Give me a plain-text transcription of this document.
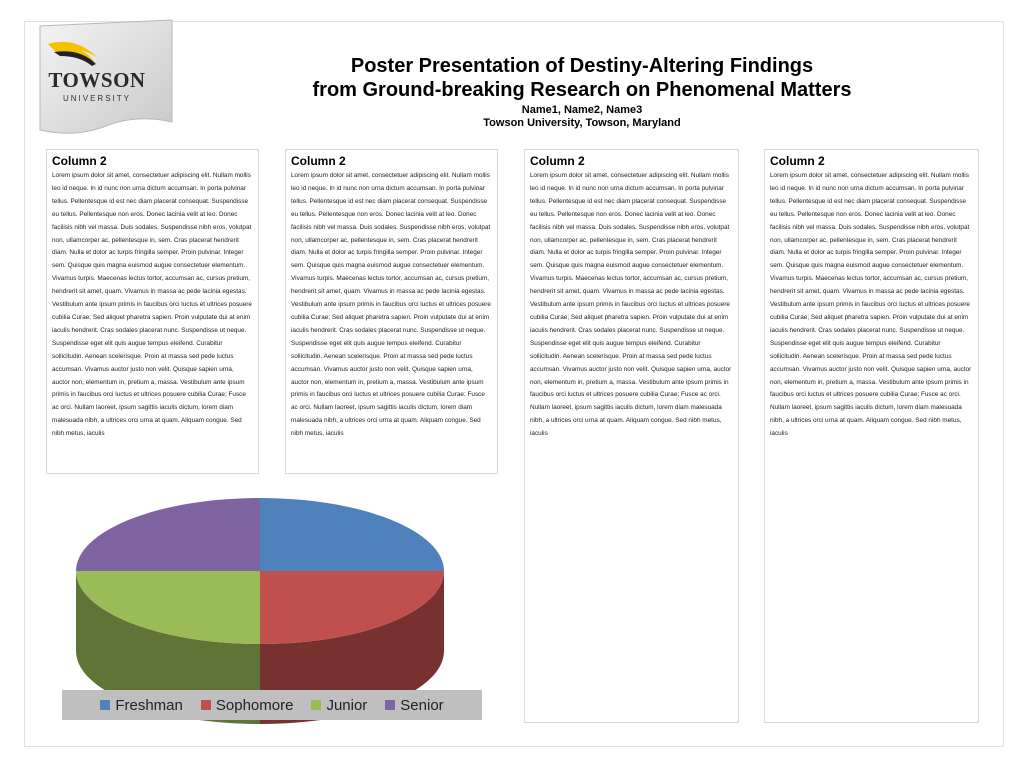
TOWSON
UNIVERSITY

Poster Presentation of Destiny-Altering Findings

from Ground-breaking Research on Phenomenal Matters

Name1, Name2, Name3
Towson University, Towson, Maryland
Column 2
Lorem ipsum dolor sit amet, consectetuer adipiscing elit. Nullam mollis leo id neque. In id nunc non urna dictum accumsan. In porta pulvinar tellus. Pellentesque id est nec diam placerat consequat. Suspendisse eu tellus. Pellentesque non eros. Donec lacinia velit at leo. Donec facilisis nibh vel massa. Duis sodales. Suspendisse nibh eros, volutpat non, ullamcorper ac, pellentesque in, sem. Cras placerat hendrerit diam. Nulla et dolor ac turpis fringilla semper. Proin pulvinar. Integer sem. Quisque quis magna euismod augue consectetuer elementum. Vivamus turpis. Maecenas lectus tortor, accumsan ac, cursus pretium, hendrerit sit amet, quam. Vivamus in massa ac pede lacinia egestas. Vestibulum ante ipsum primis in faucibus orci luctus et ultrices posuere cubilia Curae; Sed aliquet pharetra sapien. Proin vulputate dui at enim iaculis hendrerit. Cras sodales placerat nunc. Suspendisse ut neque. Suspendisse eget elit quis augue tempus eleifend. Curabitur sollicitudin. Aenean scelerisque. Proin at massa sed pede luctus accumsan. Vivamus auctor justo non velit. Quisque sapien urna, auctor non, elementum in, pretium a, massa. Vestibulum ante ipsum primis in faucibus orci luctus et ultrices posuere cubilia Curae; Fusce ac orci. Nullam laoreet, ipsum sagittis iaculis dictum, lorem diam malesuada nibh, a ultrices orci urna at quam. Aliquam congue. Sed nibh metus, iaculis
Column 2
Lorem ipsum dolor sit amet, consectetuer adipiscing elit. Nullam mollis leo id neque. In id nunc non urna dictum accumsan. In porta pulvinar tellus. Pellentesque id est nec diam placerat consequat. Suspendisse eu tellus. Pellentesque non eros. Donec lacinia velit at leo. Donec facilisis nibh vel massa. Duis sodales. Suspendisse nibh eros, volutpat non, ullamcorper ac, pellentesque in, sem. Cras placerat hendrerit diam. Nulla et dolor ac turpis fringilla semper. Proin pulvinar. Integer sem. Quisque quis magna euismod augue consectetuer elementum. Vivamus turpis. Maecenas lectus tortor, accumsan ac, cursus pretium, hendrerit sit amet, quam. Vivamus in massa ac pede lacinia egestas. Vestibulum ante ipsum primis in faucibus orci luctus et ultrices posuere cubilia Curae; Sed aliquet pharetra sapien. Proin vulputate dui at enim iaculis hendrerit. Cras sodales placerat nunc. Suspendisse ut neque. Suspendisse eget elit quis augue tempus eleifend. Curabitur sollicitudin. Aenean scelerisque. Proin at massa sed pede luctus accumsan. Vivamus auctor justo non velit. Quisque sapien urna, auctor non, elementum in, pretium a, massa. Vestibulum ante ipsum primis in faucibus orci luctus et ultrices posuere cubilia Curae; Fusce ac orci. Nullam laoreet, ipsum sagittis iaculis dictum, lorem diam malesuada nibh, a ultrices orci urna at quam. Aliquam congue. Sed nibh metus, iaculis
Column 2
Lorem ipsum dolor sit amet, consectetuer adipiscing elit. Nullam mollis leo id neque. In id nunc non urna dictum accumsan. In porta pulvinar tellus. Pellentesque id est nec diam placerat consequat. Suspendisse eu tellus. Pellentesque non eros. Donec lacinia velit at leo. Donec facilisis nibh vel massa. Duis sodales. Suspendisse nibh eros, volutpat non, ullamcorper ac, pellentesque in, sem. Cras placerat hendrerit diam. Nulla et dolor ac turpis fringilla semper. Proin pulvinar. Integer sem. Quisque quis magna euismod augue consectetuer elementum. Vivamus turpis. Maecenas lectus tortor, accumsan ac, cursus pretium, hendrerit sit amet, quam. Vivamus in massa ac pede lacinia egestas. Vestibulum ante ipsum primis in faucibus orci luctus et ultrices posuere cubilia Curae; Sed aliquet pharetra sapien. Proin vulputate dui at enim iaculis hendrerit. Cras sodales placerat nunc. Suspendisse ut neque. Suspendisse eget elit quis augue tempus eleifend. Curabitur sollicitudin. Aenean scelerisque. Proin at massa sed pede luctus accumsan. Vivamus auctor justo non velit. Quisque sapien urna, auctor non, elementum in, pretium a, massa. Vestibulum ante ipsum primis in faucibus orci luctus et ultrices posuere cubilia Curae; Fusce ac orci. Nullam laoreet, ipsum sagittis iaculis dictum, lorem diam malesuada nibh, a ultrices orci urna at quam. Aliquam congue. Sed nibh metus, iaculis
Column 2
Lorem ipsum dolor sit amet, consectetuer adipiscing elit. Nullam mollis leo id neque. In id nunc non urna dictum accumsan. In porta pulvinar tellus. Pellentesque id est nec diam placerat consequat. Suspendisse eu tellus. Pellentesque non eros. Donec lacinia velit at leo. Donec facilisis nibh vel massa. Duis sodales. Suspendisse nibh eros, volutpat non, ullamcorper ac, pellentesque in, sem. Cras placerat hendrerit diam. Nulla et dolor ac turpis fringilla semper. Proin pulvinar. Integer sem. Quisque quis magna euismod augue consectetuer elementum. Vivamus turpis. Maecenas lectus tortor, accumsan ac, cursus pretium, hendrerit sit amet, quam. Vivamus in massa ac pede lacinia egestas. Vestibulum ante ipsum primis in faucibus orci luctus et ultrices posuere cubilia Curae; Sed aliquet pharetra sapien. Proin vulputate dui at enim iaculis hendrerit. Cras sodales placerat nunc. Suspendisse ut neque. Suspendisse eget elit quis augue tempus eleifend. Curabitur sollicitudin. Aenean scelerisque. Proin at massa sed pede luctus accumsan. Vivamus auctor justo non velit. Quisque sapien urna, auctor non, elementum in, pretium a, massa. Vestibulum ante ipsum primis in faucibus orci luctus et ultrices posuere cubilia Curae; Fusce ac orci. Nullam laoreet, ipsum sagittis iaculis dictum, lorem diam malesuada nibh, a ultrices orci urna at quam. Aliquam congue. Sed nibh metus, iaculis
Freshman Sophomore Junior Senior
